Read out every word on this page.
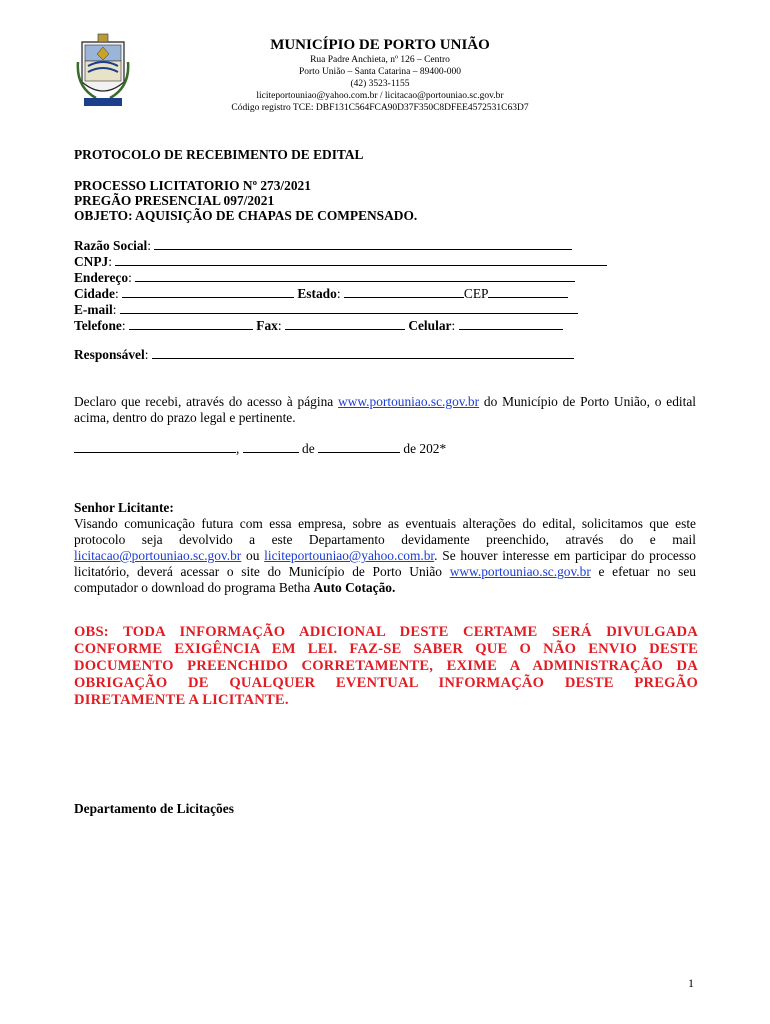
MUNICÍPIO DE PORTO UNIÃO
Rua Padre Anchieta, nº 126 – Centro
Porto União – Santa Catarina – 89400-000
(42) 3523-1155
liciteportouniao@yahoo.com.br / licitacao@portouniao.sc.gov.br
Código registro TCE: DBF131C564FCA90D37F350C8DFEE4572531C63D7
PROTOCOLO DE RECEBIMENTO DE EDITAL
PROCESSO LICITATORIO Nº 273/2021
PREGÃO PRESENCIAL 097/2021
OBJETO: AQUISIÇÃO DE CHAPAS DE COMPENSADO.
Razão Social:
CNPJ:
Endereço:
Cidade:	Estado:	CEP
E-mail:
Telefone:	Fax:	Celular:
Responsável:
Declaro que recebi, através do acesso à página www.portouniao.sc.gov.br do Município de Porto União, o edital acima, dentro do prazo legal e pertinente.
,	de	de 202*
Senhor Licitante:
Visando comunicação futura com essa empresa, sobre as eventuais alterações do edital, solicitamos que este protocolo seja devolvido a este Departamento devidamente preenchido, através do e mail licitacao@portouniao.sc.gov.br ou liciteportouniao@yahoo.com.br. Se houver interesse em participar do processo licitatório, deverá acessar o site do Município de Porto União www.portouniao.sc.gov.br e efetuar no seu computador o download do programa Betha Auto Cotação.
OBS: TODA INFORMAÇÃO ADICIONAL DESTE CERTAME SERÁ DIVULGADA CONFORME EXIGÊNCIA EM LEI. FAZ-SE SABER QUE O NÃO ENVIO DESTE DOCUMENTO PREENCHIDO CORRETAMENTE, EXIME A ADMINISTRAÇÃO DA OBRIGAÇÃO DE QUALQUER EVENTUAL INFORMAÇÃO DESTE PREGÃO DIRETAMENTE A LICITANTE.
Departamento de Licitações
1
